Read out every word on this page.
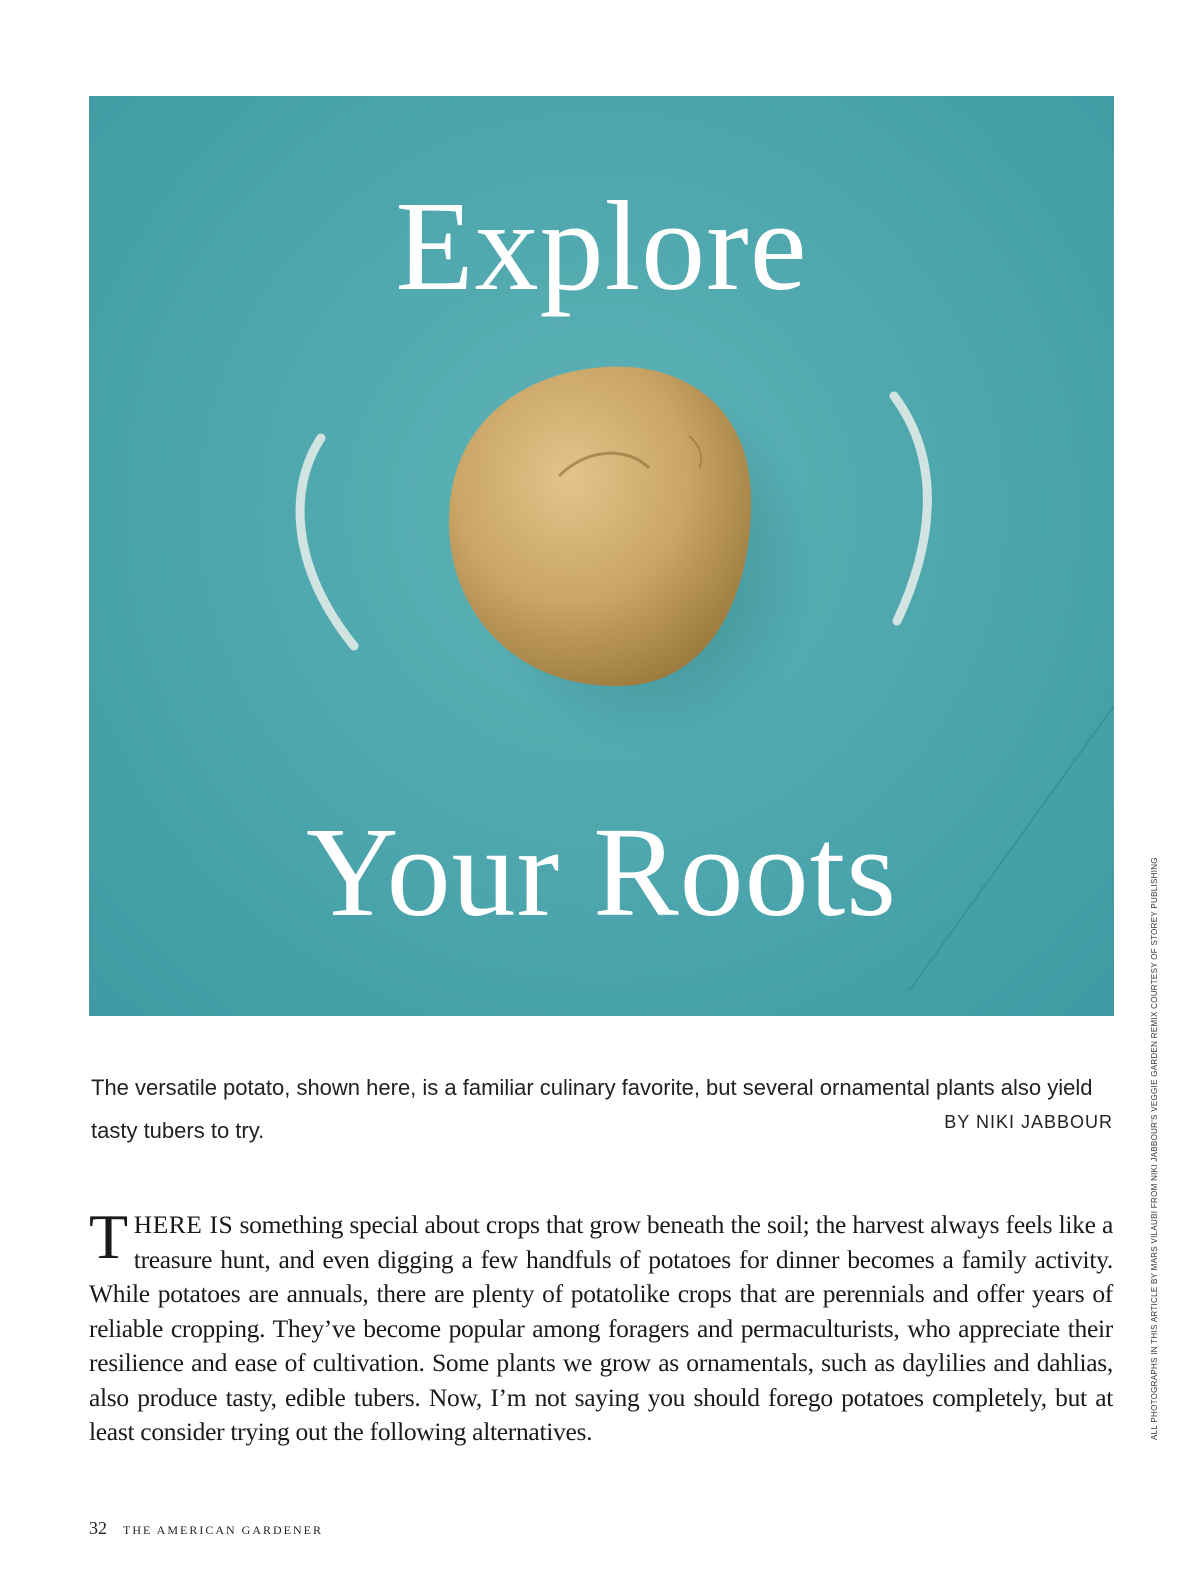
Explore
Your Roots	ALL PHOTOGRAPHS IN THIS ARTICLE BY MARS VILAUBI FROM NIKI JABBOUR'S VEGGIE GARDEN REMIX COURTESY OF STOREY PUBLISHING
The versatile potato, shown here, is a familiar culinary favorite, but several ornamental plants also yield tasty tubers to try.	BY NIKI JABBOUR

THERE IS something special about crops that grow beneath the soil; the harvest always feels like a treasure hunt, and even digging a few handfuls of potatoes for dinner becomes a family activity. While potatoes are annuals, there are plenty of potatolike crops that are perennials and offer years of reliable cropping. They’ve become popular among foragers and permaculturists, who appreciate their resilience and ease of cultivation. Some plants we grow as ornamentals, such as daylilies and dahlias, also produce tasty, edible tubers. Now, I’m not saying you should forego potatoes completely, but at least consider trying out the following alternatives.

32 THE AMERICAN GARDENER
